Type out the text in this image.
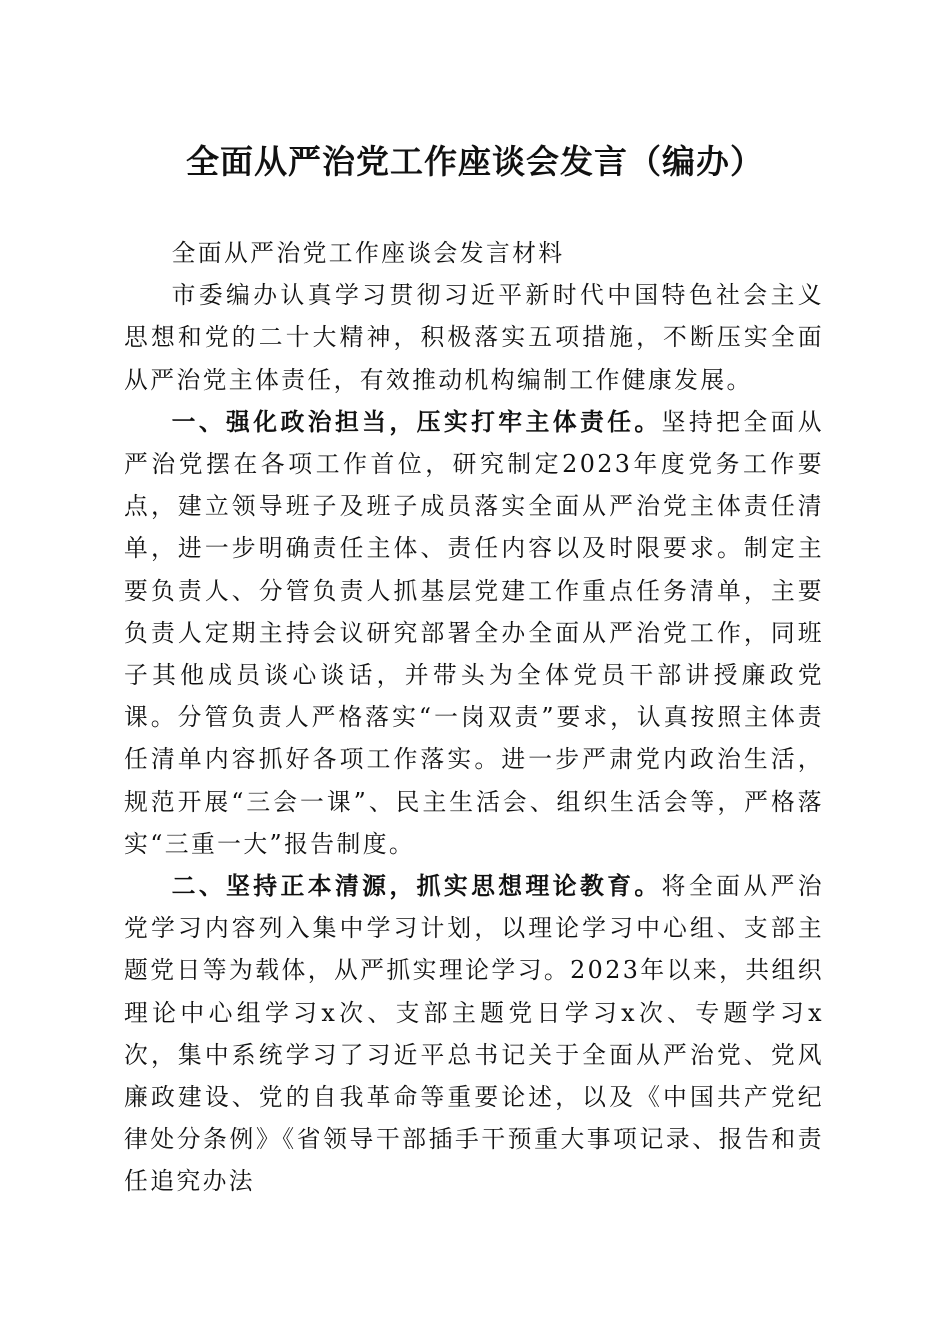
全面从严治党工作座谈会发言（编办）

全面从严治党工作座谈会发言材料

市委编办认真学习贯彻习近平新时代中国特色社会主义思想和党的二十大精神，积极落实五项措施，不断压实全面从严治党主体责任，有效推动机构编制工作健康发展。

一、强化政治担当，压实打牢主体责任。坚持把全面从严治党摆在各项工作首位，研究制定2023年度党务工作要点，建立领导班子及班子成员落实全面从严治党主体责任清单，进一步明确责任主体、责任内容以及时限要求。制定主要负责人、分管负责人抓基层党建工作重点任务清单，主要负责人定期主持会议研究部署全办全面从严治党工作，同班子其他成员谈心谈话，并带头为全体党员干部讲授廉政党课。分管负责人严格落实“一岗双责”要求，认真按照主体责任清单内容抓好各项工作落实。进一步严肃党内政治生活，规范开展“三会一课”、民主生活会、组织生活会等，严格落实“三重一大”报告制度。

二、坚持正本清源，抓实思想理论教育。将全面从严治党学习内容列入集中学习计划，以理论学习中心组、支部主题党日等为载体，从严抓实理论学习。2023年以来，共组织理论中心组学习x次、支部主题党日学习x次、专题学习x次，集中系统学习了习近平总书记关于全面从严治党、党风廉政建设、党的自我革命等重要论述，以及《中国共产党纪律处分条例》《省领导干部插手干预重大事项记录、报告和责任追究办法
